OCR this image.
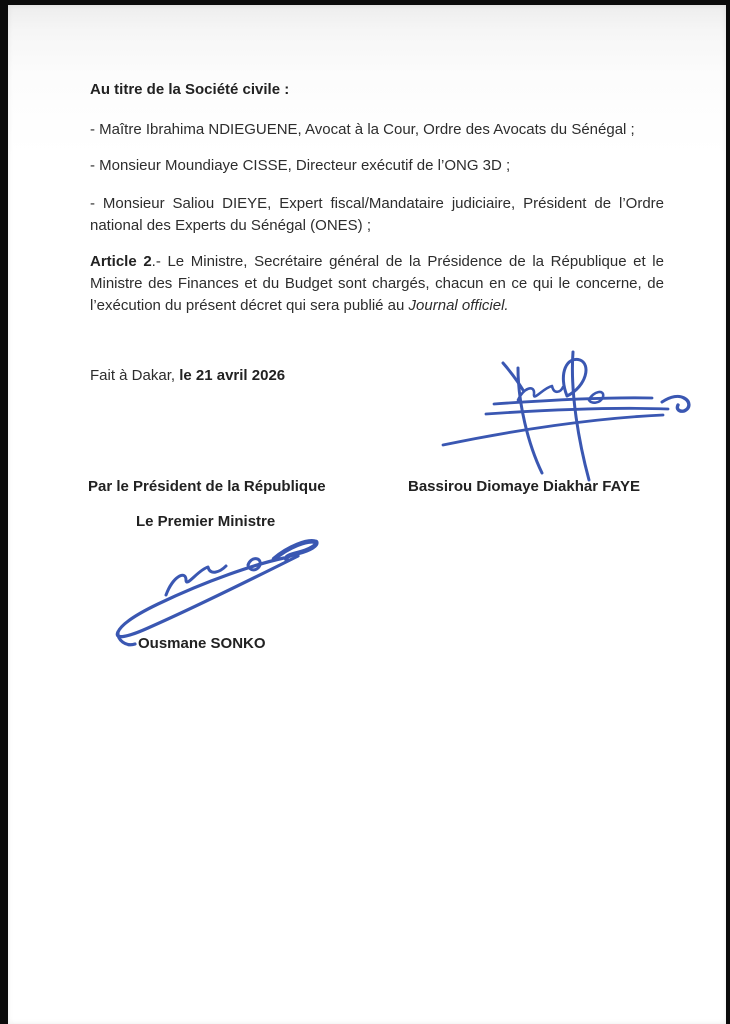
Au titre de la Société civile :
- Maître Ibrahima NDIEGUENE, Avocat à la Cour, Ordre des Avocats du Sénégal ;
- Monsieur Moundiaye CISSE, Directeur exécutif de l’ONG 3D ;
- Monsieur Saliou DIEYE, Expert fiscal/Mandataire judiciaire, Président de l’Ordre national des Experts du Sénégal (ONES) ;
Article 2.- Le Ministre, Secrétaire général de la Présidence de la République et le Ministre des Finances et du Budget sont chargés, chacun en ce qui le concerne, de l’exécution du présent décret qui sera publié au Journal officiel.
Fait à Dakar, le 21 avril 2026
Par le Président de la République	Bassirou Diomaye Diakhar FAYE
Le Premier Ministre
Ousmane SONKO
